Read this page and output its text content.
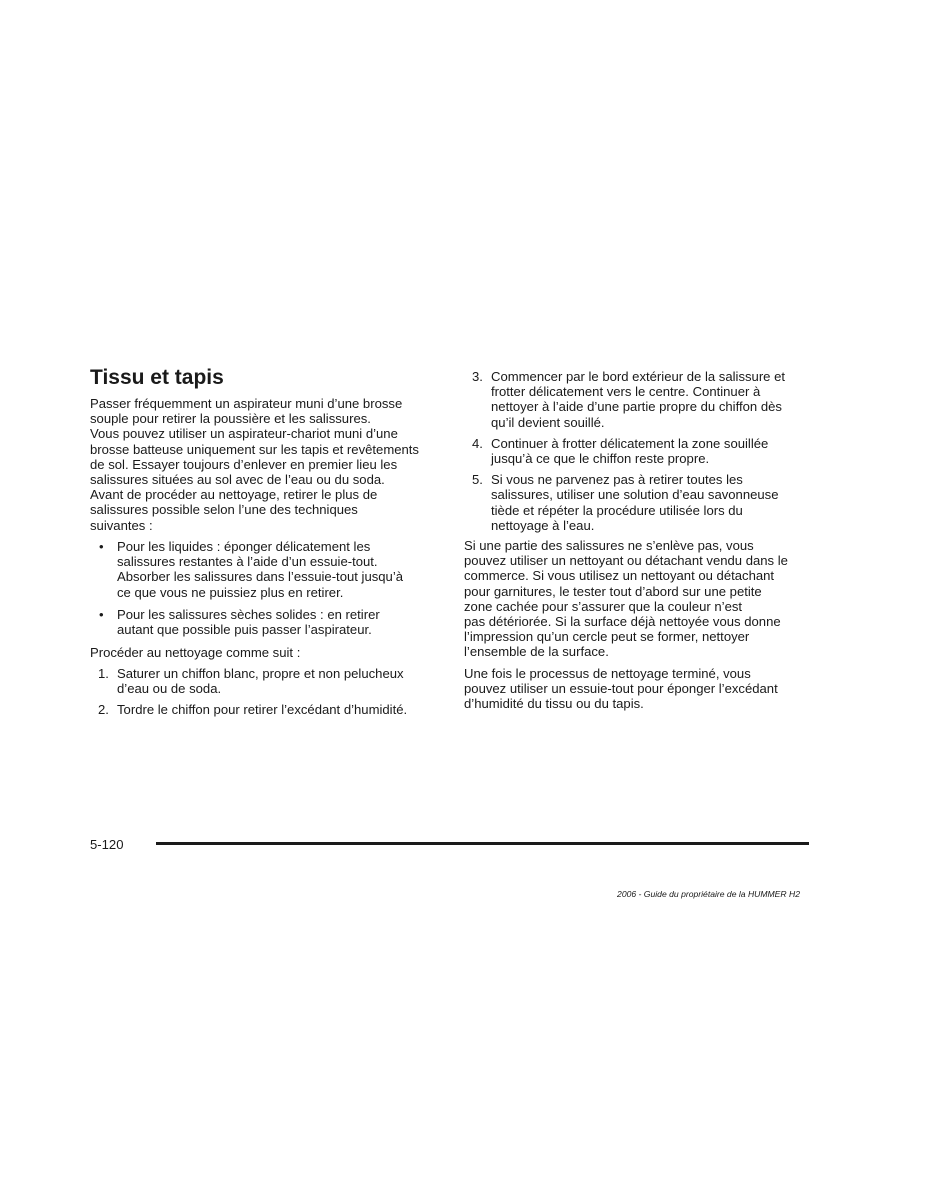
Tissu et tapis

Passer fréquemment un aspirateur muni d’une brosse
souple pour retirer la poussière et les salissures.
Vous pouvez utiliser un aspirateur-chariot muni d’une
brosse batteuse uniquement sur les tapis et revêtements
de sol. Essayer toujours d’enlever en premier lieu les
salissures situées au sol avec de l’eau ou du soda.
Avant de procéder au nettoyage, retirer le plus de
salissures possible selon l’une des techniques
suivantes :

• Pour les liquides : éponger délicatement les
salissures restantes à l’aide d’un essuie-tout.
Absorber les salissures dans l’essuie-tout jusqu’à
ce que vous ne puissiez plus en retirer.
• Pour les salissures sèches solides : en retirer
autant que possible puis passer l’aspirateur.

Procéder au nettoyage comme suit :

1. Saturer un chiffon blanc, propre et non pelucheux
d’eau ou de soda.
2. Tordre le chiffon pour retirer l’excédant d’humidité.
3. Commencer par le bord extérieur de la salissure et
frotter délicatement vers le centre. Continuer à
nettoyer à l’aide d’une partie propre du chiffon dès
qu’il devient souillé.
4. Continuer à frotter délicatement la zone souillée
jusqu’à ce que le chiffon reste propre.
5. Si vous ne parvenez pas à retirer toutes les
salissures, utiliser une solution d’eau savonneuse
tiède et répéter la procédure utilisée lors du
nettoyage à l’eau.

Si une partie des salissures ne s’enlève pas, vous
pouvez utiliser un nettoyant ou détachant vendu dans le
commerce. Si vous utilisez un nettoyant ou détachant
pour garnitures, le tester tout d’abord sur une petite
zone cachée pour s’assurer que la couleur n’est
pas détériorée. Si la surface déjà nettoyée vous donne
l’impression qu’un cercle peut se former, nettoyer
l’ensemble de la surface.

Une fois le processus de nettoyage terminé, vous
pouvez utiliser un essuie-tout pour éponger l’excédant
d’humidité du tissu ou du tapis.

5-120
2006 - Guide du propriétaire de la HUMMER H2
